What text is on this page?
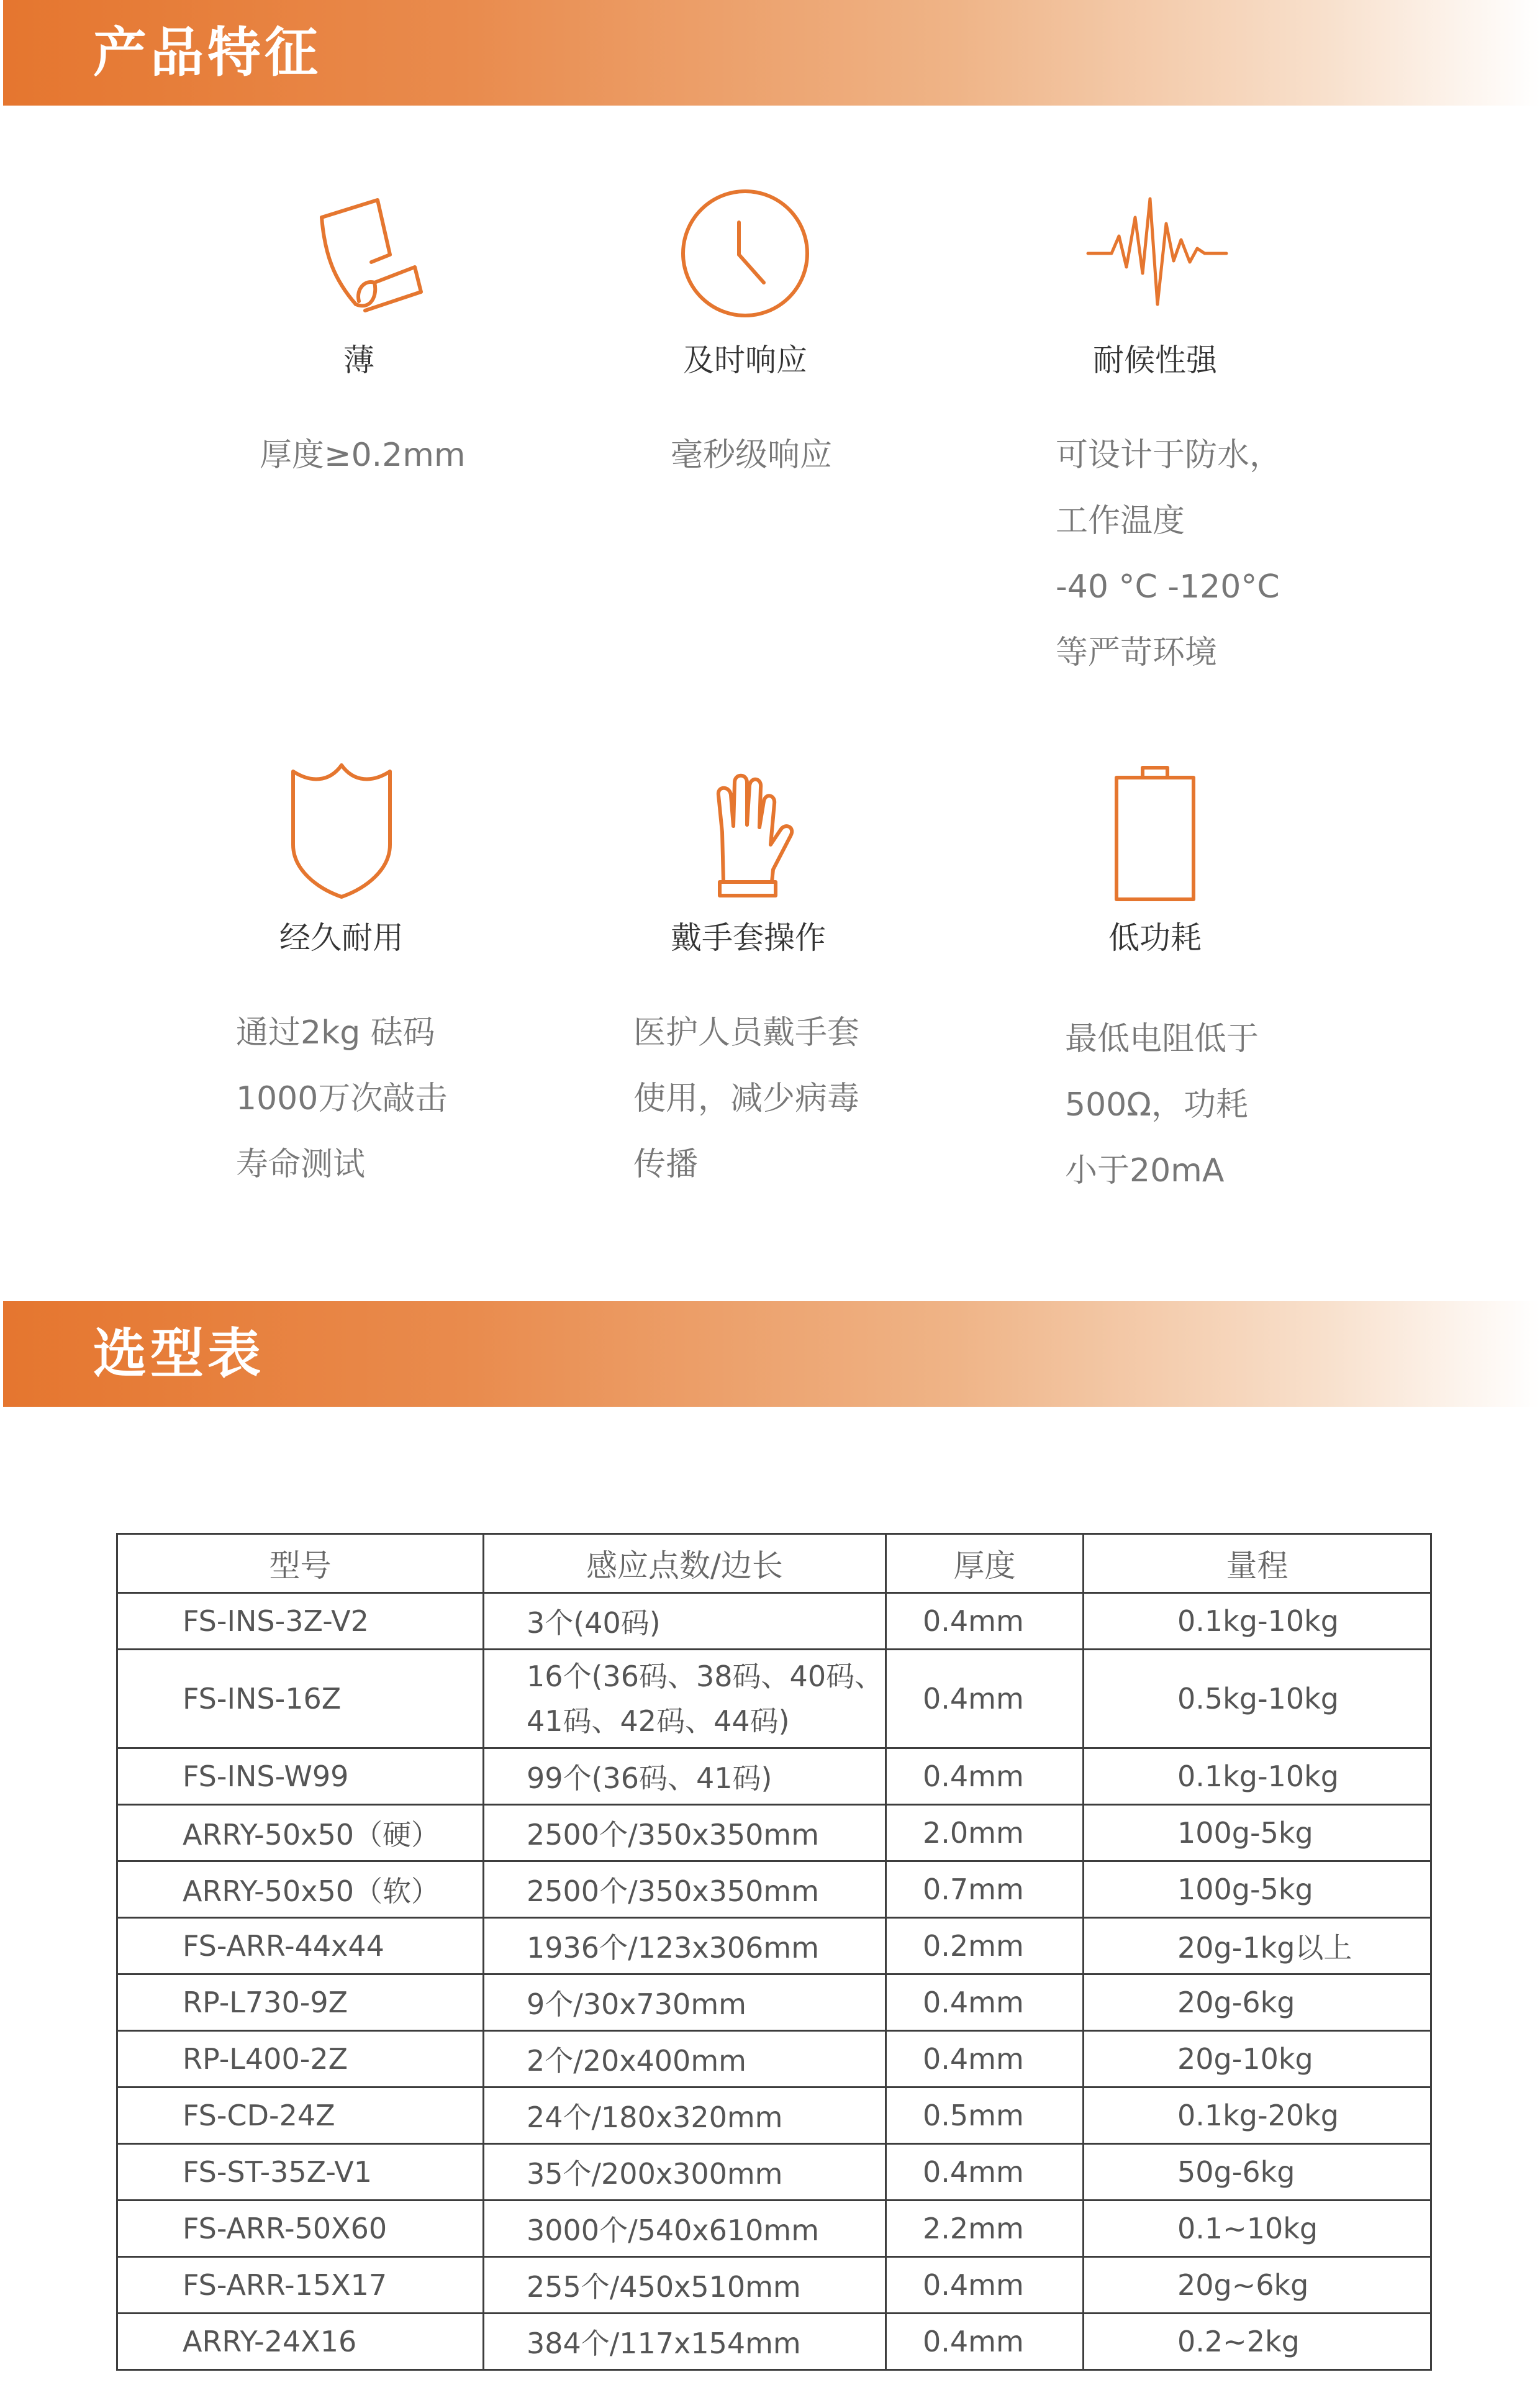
产品特征
薄
厚度≥0.2mm
及时响应
毫秒级响应
耐候性强
可设计于防水，
工作温度
-40 °C -120°C
等严苛环境
经久耐用
通过2kg 砝码
1000万次敲击
寿命测试
戴手套操作
医护人员戴手套
使用，减少病毒
传播
低功耗
最低电阻低于
500Ω，功耗
小于20mA
选型表
型号	感应点数/边长	厚度	量程
FS-INS-3Z-V2	3个(40码)	0.4mm	0.1kg-10kg
FS-INS-16Z	16个(36码、38码、40码、
41码、42码、44码)	0.4mm	0.5kg-10kg
FS-INS-W99	99个(36码、41码)	0.4mm	0.1kg-10kg
ARRY-50x50（硬）	2500个/350x350mm	2.0mm	100g-5kg
ARRY-50x50（软）	2500个/350x350mm	0.7mm	100g-5kg
FS-ARR-44x44	1936个/123x306mm	0.2mm	20g-1kg以上
RP-L730-9Z	9个/30x730mm	0.4mm	20g-6kg
RP-L400-2Z	2个/20x400mm	0.4mm	20g-10kg
FS-CD-24Z	24个/180x320mm	0.5mm	0.1kg-20kg
FS-ST-35Z-V1	35个/200x300mm	0.4mm	50g-6kg
FS-ARR-50X60	3000个/540x610mm	2.2mm	0.1~10kg
FS-ARR-15X17	255个/450x510mm	0.4mm	20g~6kg
ARRY-24X16	384个/117x154mm	0.4mm	0.2~2kg
